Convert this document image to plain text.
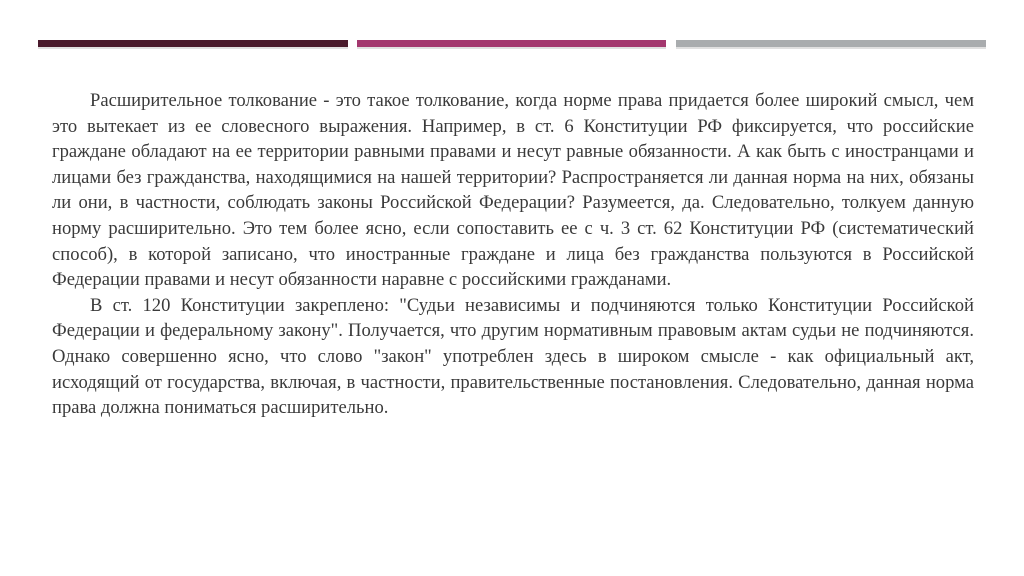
Расширительное толкование - это такое толкование, когда норме права придается более широкий смысл, чем это вытекает из ее словесного выражения. Например, в ст. 6 Конституции РФ фиксируется, что российские граждане обладают на ее территории равными правами и несут равные обязанности. А как быть с иностранцами и лицами без гражданства, находящимися на нашей территории? Распространяется ли данная норма на них, обязаны ли они, в частности, соблюдать законы Российской Федерации? Разумеется, да. Следовательно, толкуем данную норму расширительно. Это тем более ясно, если сопоставить ее с ч. 3 ст. 62 Конституции РФ (систематический способ), в которой записано, что иностранные граждане и лица без гражданства пользуются в Российской Федерации правами и несут обязанности наравне с российскими гражданами.

В ст. 120 Конституции закреплено: "Судьи независимы и подчиняются только Конституции Российской Федерации и федеральному закону". Получается, что другим нормативным правовым актам судьи не подчиняются. Однако совершенно ясно, что слово "закон" употреблен здесь в широком смысле - как официальный акт, исходящий от государства, включая, в частности, правительственные постановления. Следовательно, данная норма права должна пониматься расширительно.
